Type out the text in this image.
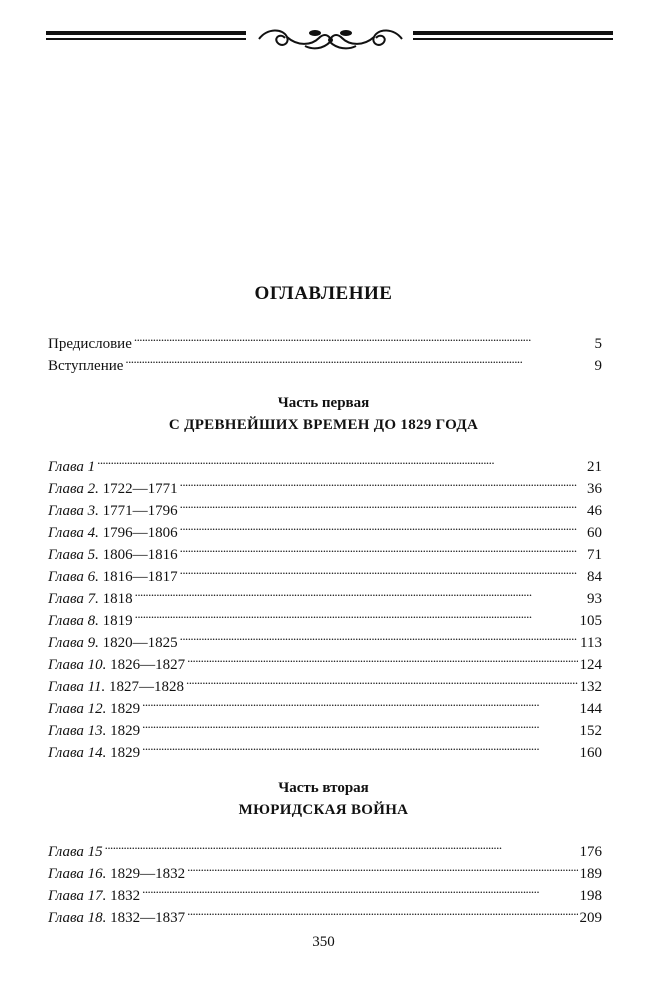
ОГЛАВЛЕНИЕ
Предисловие . . .	5
Вступление . . .	9
Часть первая
С ДРЕВНЕЙШИХ ВРЕМЕН ДО 1829 ГОДА
Глава 1 . . .	21
Глава 2. 1722—1771 . . .	36
Глава 3. 1771—1796 . . .	46
Глава 4. 1796—1806 . . .	60
Глава 5. 1806—1816 . . .	71
Глава 6. 1816—1817 . . .	84
Глава 7. 1818 . . .	93
Глава 8. 1819 . . .	105
Глава 9. 1820—1825 . . .	113
Глава 10. 1826—1827 . . .	124
Глава 11. 1827—1828 . . .	132
Глава 12. 1829 . . .	144
Глава 13. 1829 . . .	152
Глава 14. 1829 . . .	160
Часть вторая
МЮРИДСКАЯ ВОЙНА
Глава 15 . . .	176
Глава 16. 1829—1832 . . .	189
Глава 17. 1832 . . .	198
Глава 18. 1832—1837 . . .	209
350
